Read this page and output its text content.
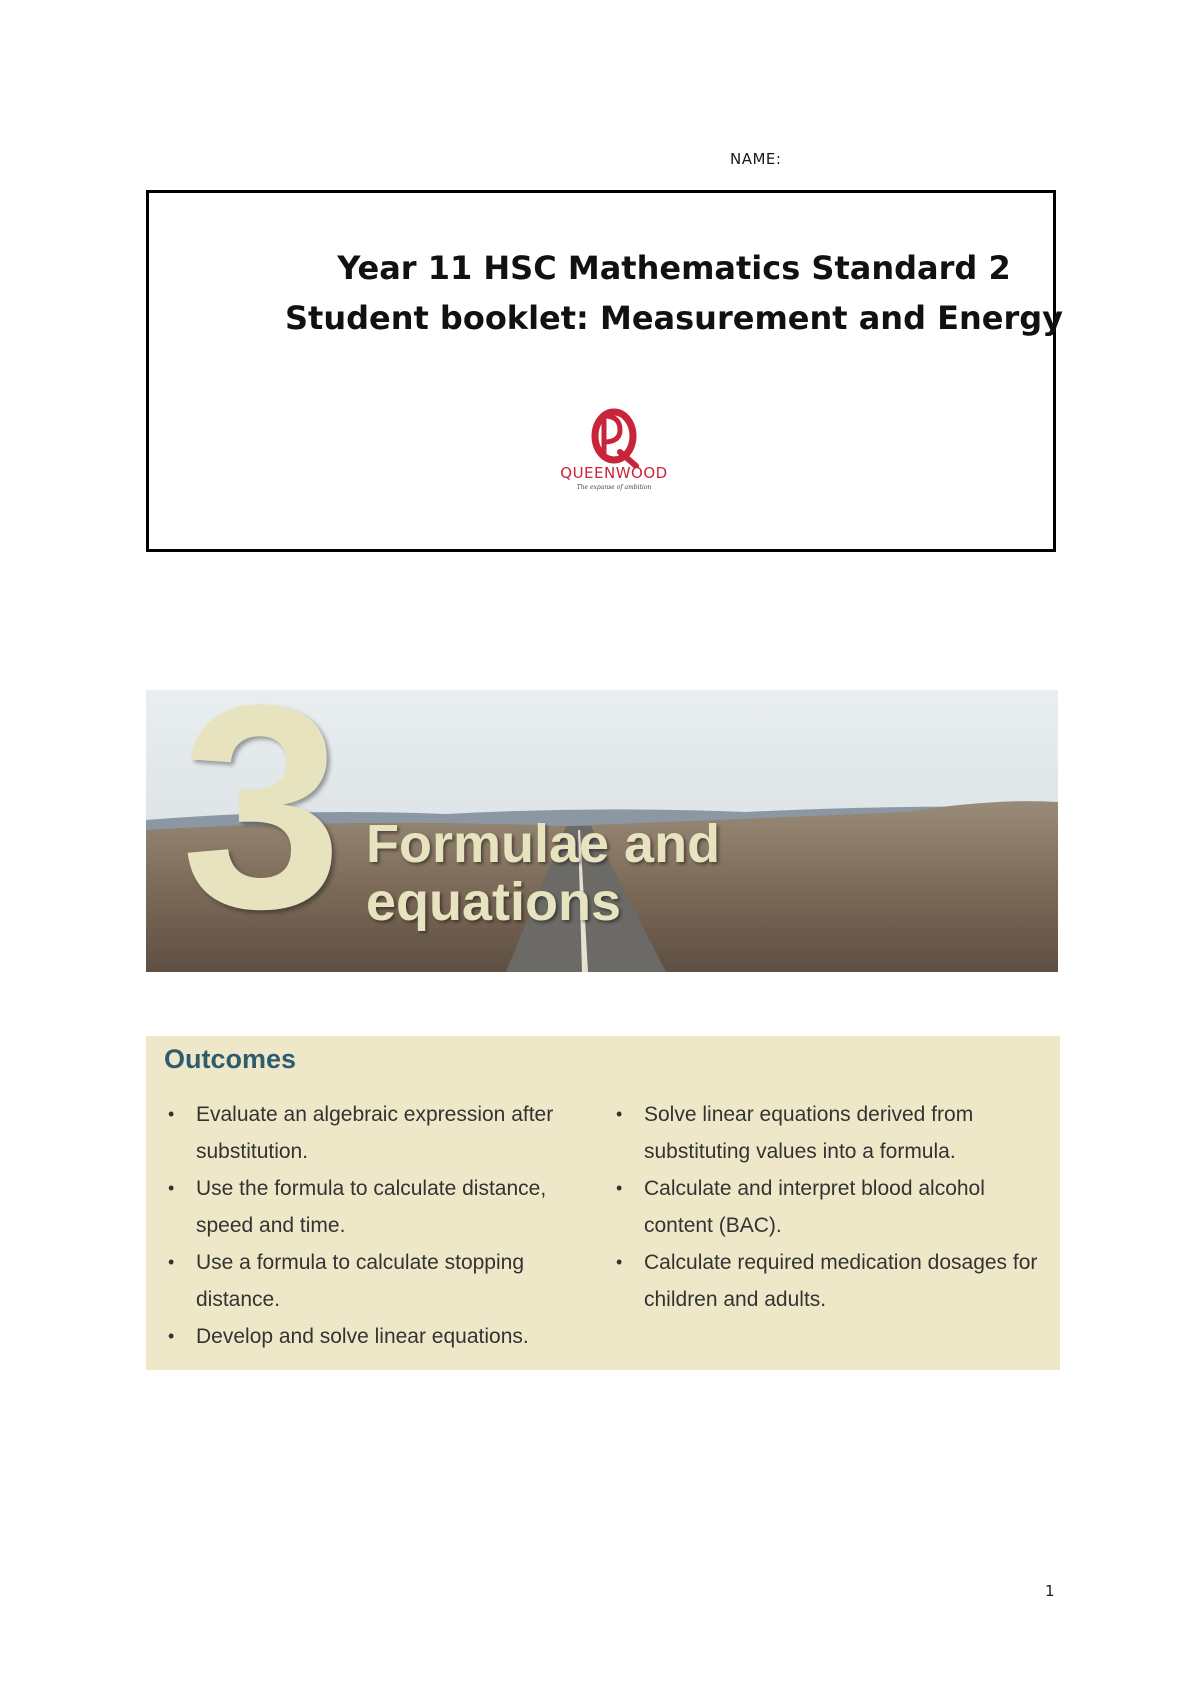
NAME:
Year 11 HSC Mathematics Standard 2 Student booklet: Measurement and Energy
QUEENWOOD
The expanse of ambition
3 Formulae and equations
Outcomes
• Evaluate an algebraic expression after substitution.
• Use the formula to calculate distance, speed and time.
• Use a formula to calculate stopping distance.
• Develop and solve linear equations.
• Solve linear equations derived from substituting values into a formula.
• Calculate and interpret blood alcohol content (BAC).
• Calculate required medication dosages for children and adults.
1
